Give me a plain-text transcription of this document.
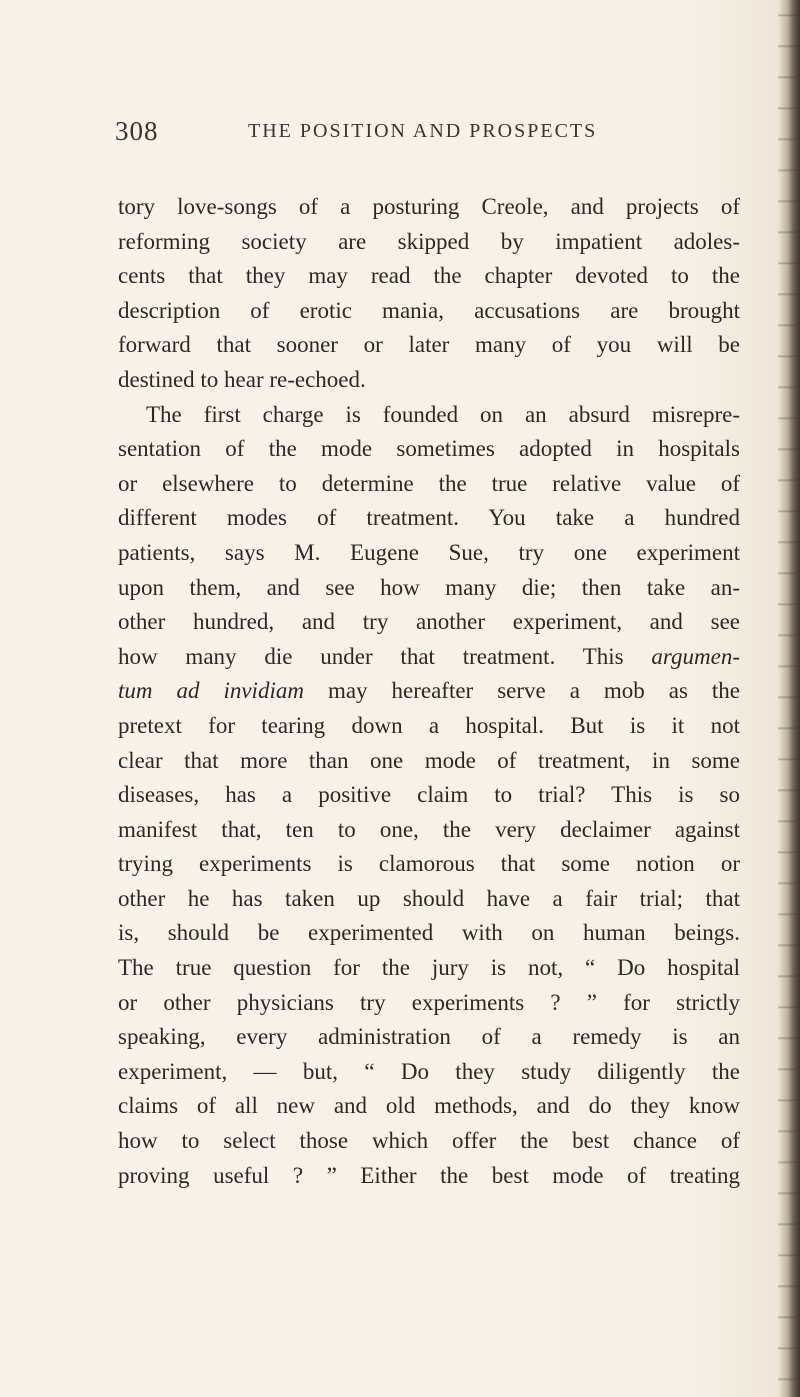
308	THE POSITION AND PROSPECTS
tory love-songs of a posturing Creole, and projects of
reforming society are skipped by impatient adoles-
cents that they may read the chapter devoted to the
description of erotic mania, accusations are brought
forward that sooner or later many of you will be
destined to hear re-echoed.
The first charge is founded on an absurd misrepre-
sentation of the mode sometimes adopted in hospitals
or elsewhere to determine the true relative value of
different modes of treatment. You take a hundred
patients, says M. Eugene Sue, try one experiment
upon them, and see how many die; then take an-
other hundred, and try another experiment, and see
how many die under that treatment. This argumen-
tum ad invidiam may hereafter serve a mob as the
pretext for tearing down a hospital. But is it not
clear that more than one mode of treatment, in some
diseases, has a positive claim to trial? This is so
manifest that, ten to one, the very declaimer against
trying experiments is clamorous that some notion or
other he has taken up should have a fair trial; that
is, should be experimented with on human beings.
The true question for the jury is not, “ Do hospital
or other physicians try experiments ? ” for strictly
speaking, every administration of a remedy is an
experiment, — but, “ Do they study diligently the
claims of all new and old methods, and do they know
how to select those which offer the best chance of
proving useful ? ” Either the best mode of treating
